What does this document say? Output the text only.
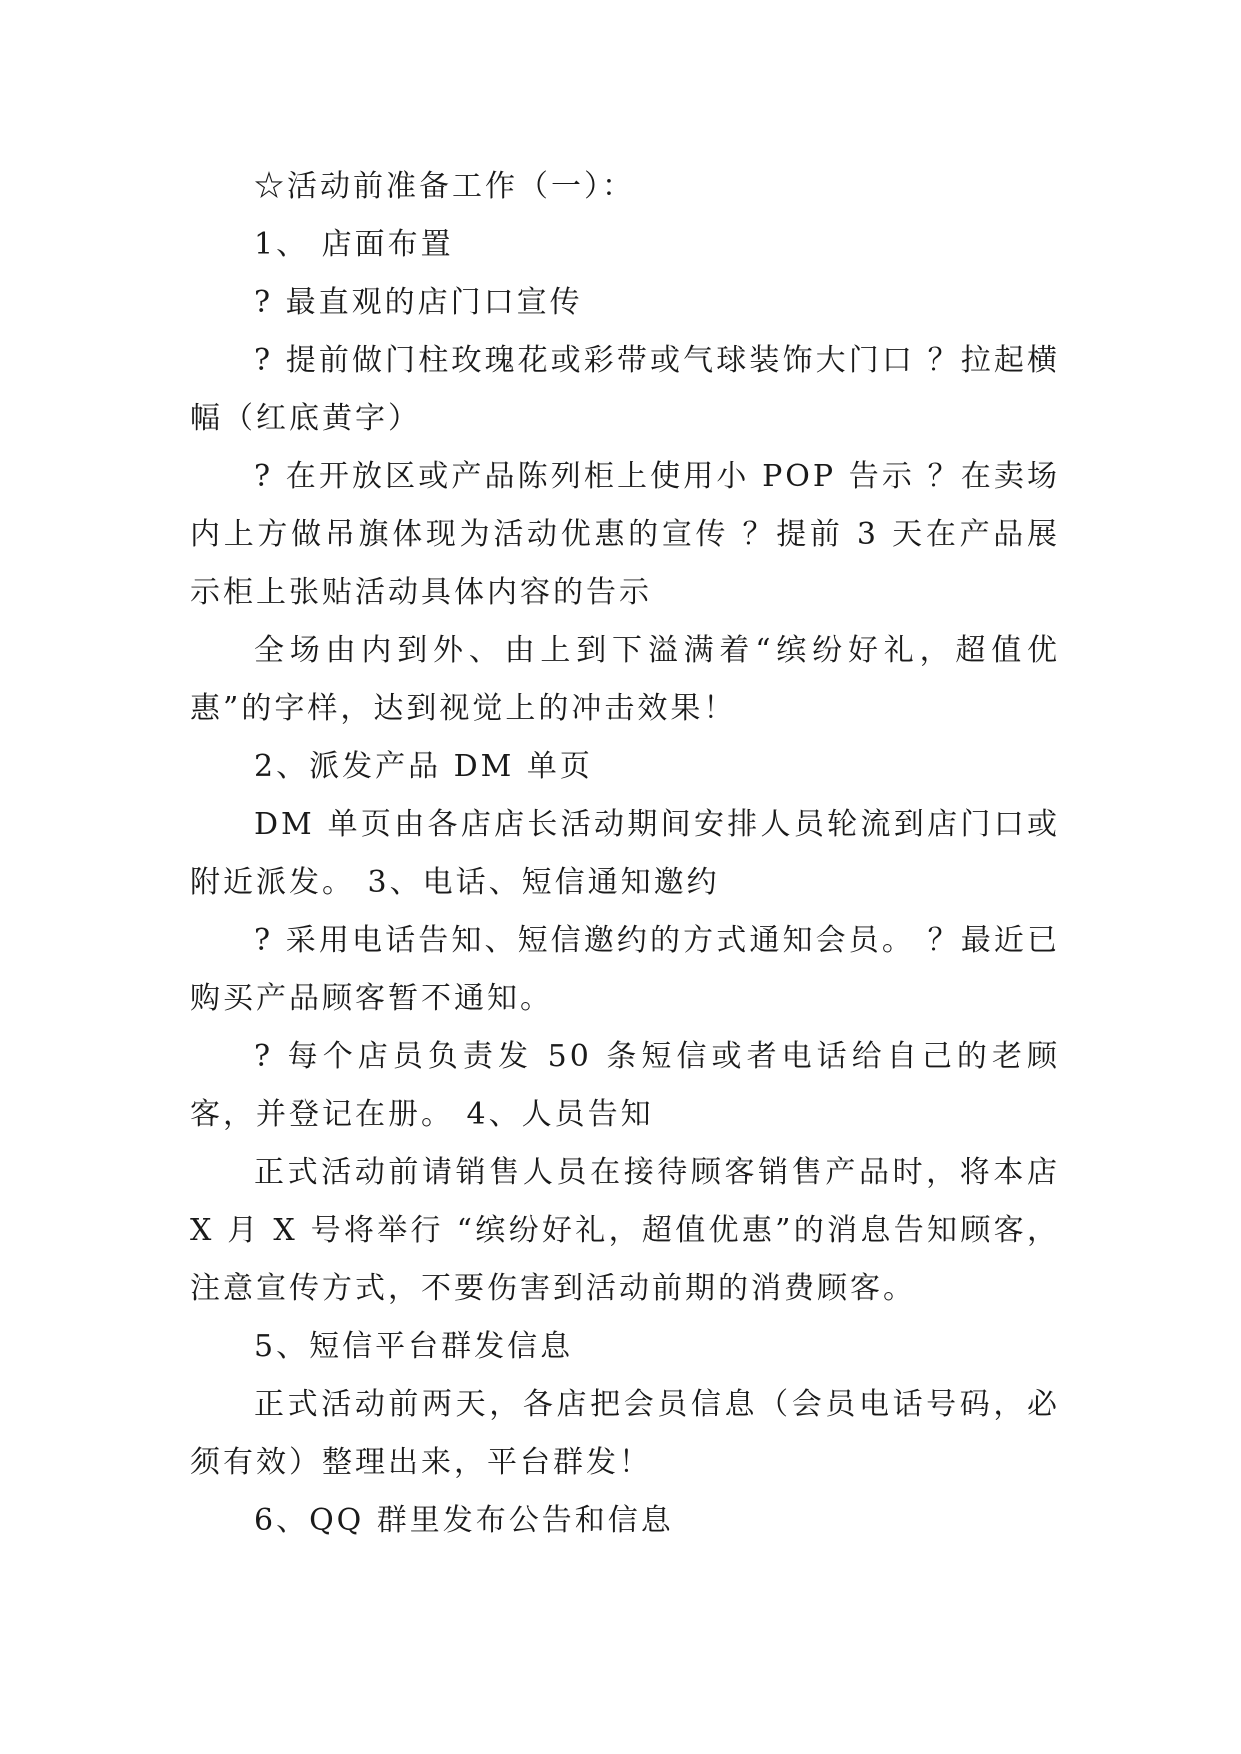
☆活动前准备工作（一）：

1、 店面布置

? 最直观的店门口宣传

? 提前做门柱玫瑰花或彩带或气球装饰大门口 ？拉起横幅（红底黄字）

? 在开放区或产品陈列柜上使用小 POP 告示 ？在卖场内上方做吊旗体现为活动优惠的宣传 ？提前 3 天在产品展示柜上张贴活动具体内容的告示

全场由内到外、由上到下溢满着“缤纷好礼，超值优惠”的字样，达到视觉上的冲击效果！

2、派发产品 DM 单页

DM 单页由各店店长活动期间安排人员轮流到店门口或附近派发。 3、电话、短信通知邀约

? 采用电话告知、短信邀约的方式通知会员。 ？最近已购买产品顾客暂不通知。

? 每个店员负责发 50 条短信或者电话给自己的老顾客，并登记在册。 4、人员告知

正式活动前请销售人员在接待顾客销售产品时，将本店 X 月 X 号将举行 “缤纷好礼，超值优惠”的消息告知顾客，注意宣传方式，不要伤害到活动前期的消费顾客。

5、短信平台群发信息

正式活动前两天，各店把会员信息（会员电话号码，必须有效）整理出来，平台群发！

6、QQ 群里发布公告和信息
